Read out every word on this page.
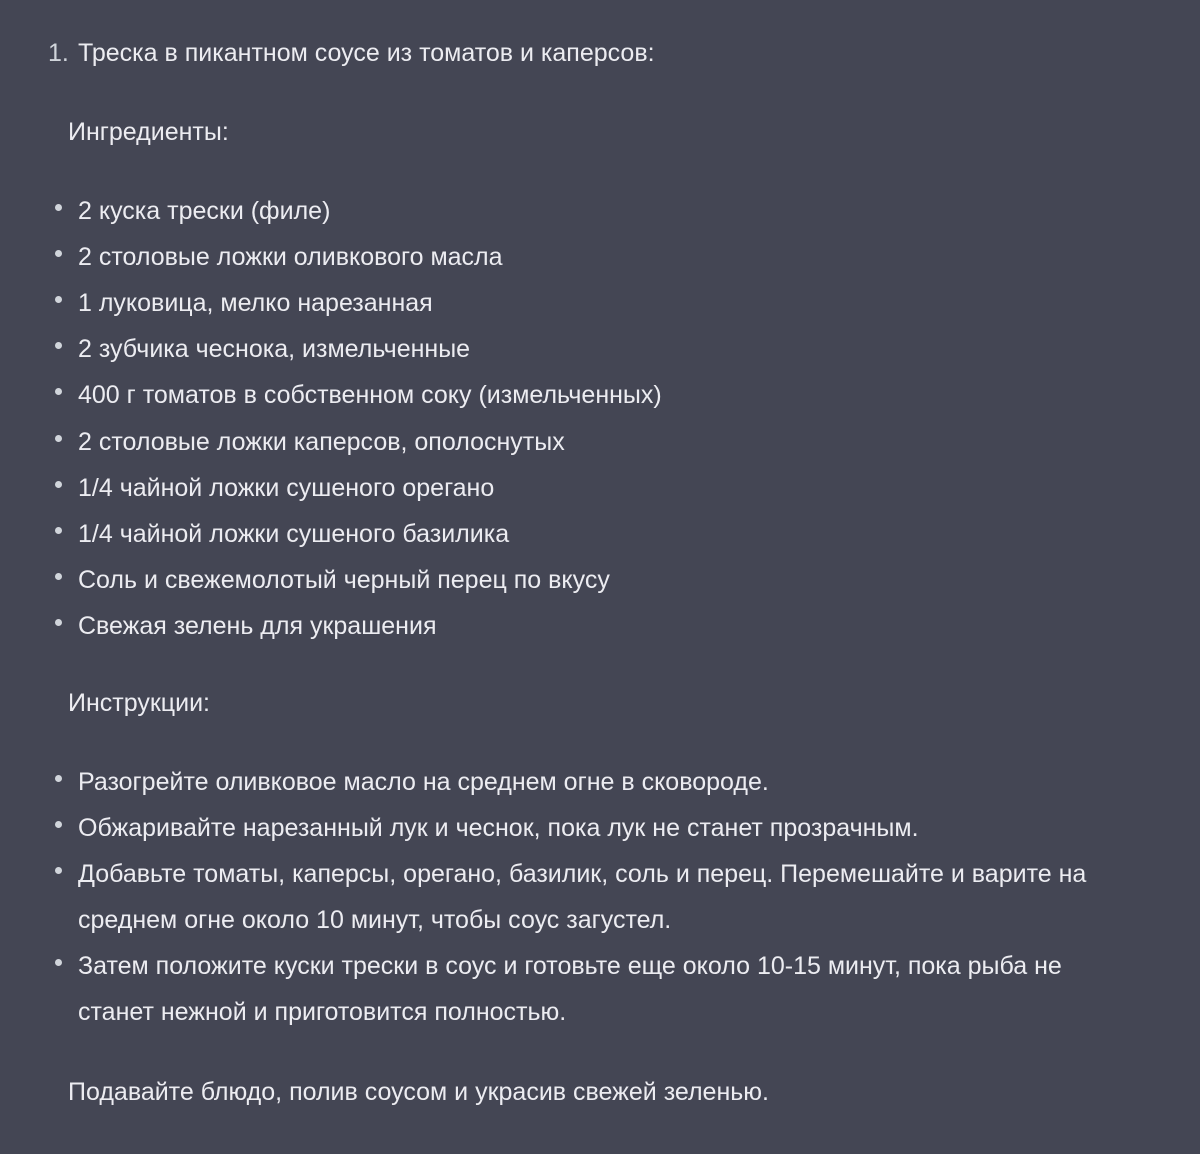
1. Треска в пикантном соусе из томатов и каперсов:
Ингредиенты:
2 куска трески (филе)
2 столовые ложки оливкового масла
1 луковица, мелко нарезанная
2 зубчика чеснока, измельченные
400 г томатов в собственном соку (измельченных)
2 столовые ложки каперсов, ополоснутых
1/4 чайной ложки сушеного орегано
1/4 чайной ложки сушеного базилика
Соль и свежемолотый черный перец по вкусу
Свежая зелень для украшения
Инструкции:
Разогрейте оливковое масло на среднем огне в сковороде.
Обжаривайте нарезанный лук и чеснок, пока лук не станет прозрачным.
Добавьте томаты, каперсы, орегано, базилик, соль и перец. Перемешайте и варите на
среднем огне около 10 минут, чтобы соус загустел.
Затем положите куски трески в соус и готовьте еще около 10-15 минут, пока рыба не
станет нежной и приготовится полностью.
Подавайте блюдо, полив соусом и украсив свежей зеленью.
